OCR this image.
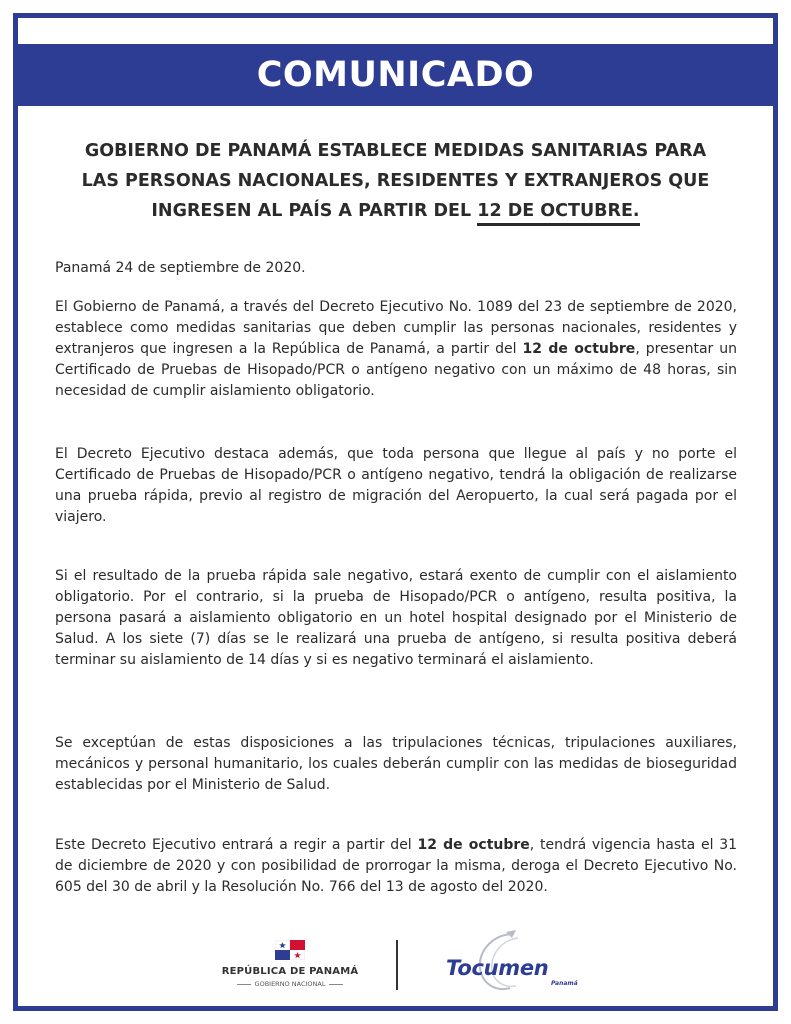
COMUNICADO
GOBIERNO DE PANAMÁ ESTABLECE MEDIDAS SANITARIAS PARA
LAS PERSONAS NACIONALES, RESIDENTES Y EXTRANJEROS QUE
INGRESEN AL PAÍS A PARTIR DEL 12 DE OCTUBRE.

Panamá 24 de septiembre de 2020.

El Gobierno de Panamá, a través del Decreto Ejecutivo No. 1089 del 23 de septiembre de 2020, establece como medidas sanitarias que deben cumplir las personas nacionales, residentes y extranjeros que ingresen a la República de Panamá, a partir del 12 de octubre, presentar un Certificado de Pruebas de Hisopado/PCR o antígeno negativo con un máximo de 48 horas, sin necesidad de cumplir aislamiento obligatorio.

El Decreto Ejecutivo destaca además, que toda persona que llegue al país y no porte el Certificado de Pruebas de Hisopado/PCR o antígeno negativo, tendrá la obligación de realizarse una prueba rápida, previo al registro de migración del Aeropuerto, la cual será pagada por el viajero.

Si el resultado de la prueba rápida sale negativo, estará exento de cumplir con el aislamiento obligatorio. Por el contrario, si la prueba de Hisopado/PCR o antígeno, resulta positiva, la persona pasará a aislamiento obligatorio en un hotel hospital designado por el Ministerio de Salud. A los siete (7) días se le realizará una prueba de antígeno, si resulta positiva deberá terminar su aislamiento de 14 días y si es negativo terminará el aislamiento.

Se exceptúan de estas disposiciones a las tripulaciones técnicas, tripulaciones auxiliares, mecánicos y personal humanitario, los cuales deberán cumplir con las medidas de bioseguridad establecidas por el Ministerio de Salud.

Este Decreto Ejecutivo entrará a regir a partir del 12 de octubre, tendrá vigencia hasta el 31 de diciembre de 2020 y con posibilidad de prorrogar la misma, deroga el Decreto Ejecutivo No. 605 del 30 de abril y la Resolución No. 766 del 13 de agosto del 2020.

REPÚBLICA DE PANAMÁ
GOBIERNO NACIONAL
Tocumen
Panamá
